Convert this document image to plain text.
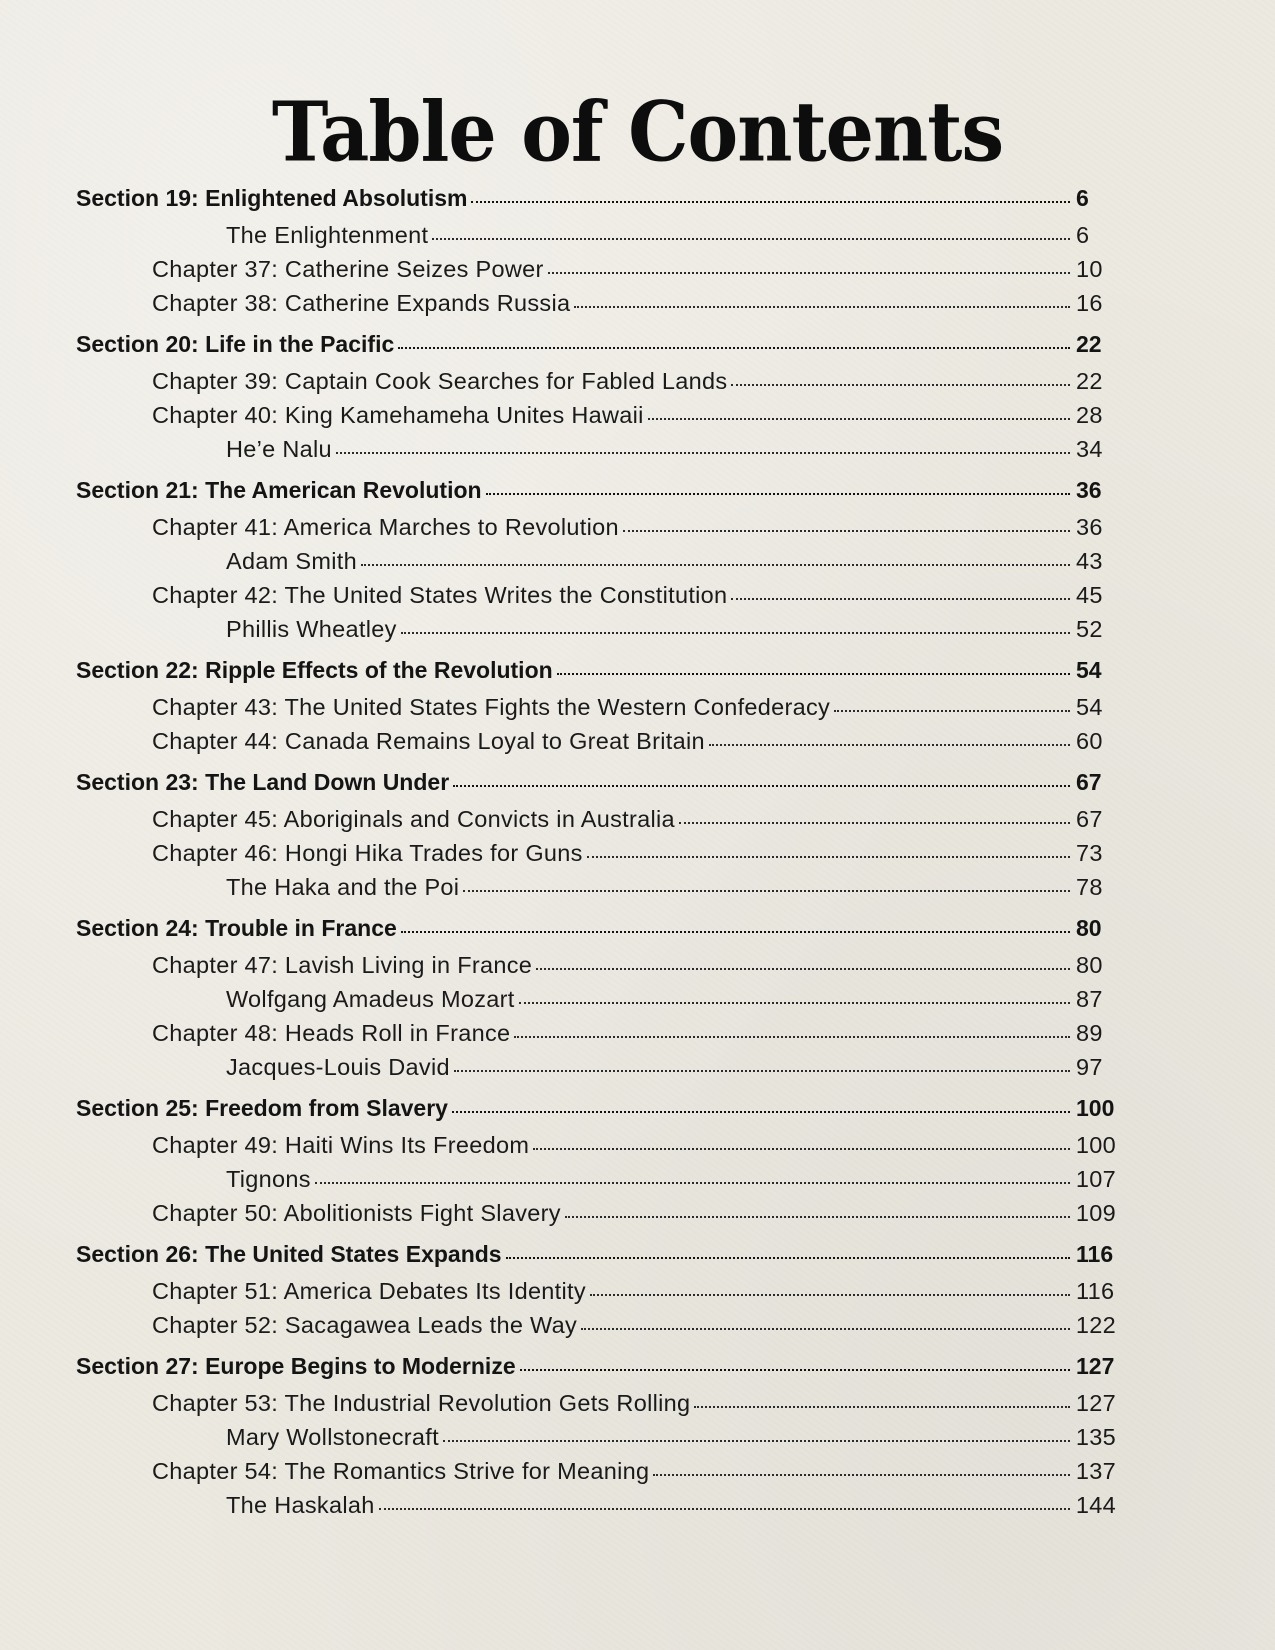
Table of Contents
Section 19: Enlightened Absolutism	6
The Enlightenment	6
Chapter 37: Catherine Seizes Power	10
Chapter 38: Catherine Expands Russia	16
Section 20: Life in the Pacific	22
Chapter 39: Captain Cook Searches for Fabled Lands	22
Chapter 40: King Kamehameha Unites Hawaii	28
He’e Nalu	34
Section 21: The American Revolution	36
Chapter 41: America Marches to Revolution	36
Adam Smith	43
Chapter 42: The United States Writes the Constitution	45
Phillis Wheatley	52
Section 22: Ripple Effects of the Revolution	54
Chapter 43: The United States Fights the Western Confederacy	54
Chapter 44: Canada Remains Loyal to Great Britain	60
Section 23: The Land Down Under	67
Chapter 45: Aboriginals and Convicts in Australia	67
Chapter 46: Hongi Hika Trades for Guns	73
The Haka and the Poi	78
Section 24: Trouble in France	80
Chapter 47: Lavish Living in France	80
Wolfgang Amadeus Mozart	87
Chapter 48: Heads Roll in France	89
Jacques-Louis David	97
Section 25: Freedom from Slavery	100
Chapter 49: Haiti Wins Its Freedom	100
Tignons	107
Chapter 50: Abolitionists Fight Slavery	109
Section 26: The United States Expands	116
Chapter 51: America Debates Its Identity	116
Chapter 52: Sacagawea Leads the Way	122
Section 27: Europe Begins to Modernize	127
Chapter 53: The Industrial Revolution Gets Rolling	127
Mary Wollstonecraft	135
Chapter 54: The Romantics Strive for Meaning	137
The Haskalah	144
